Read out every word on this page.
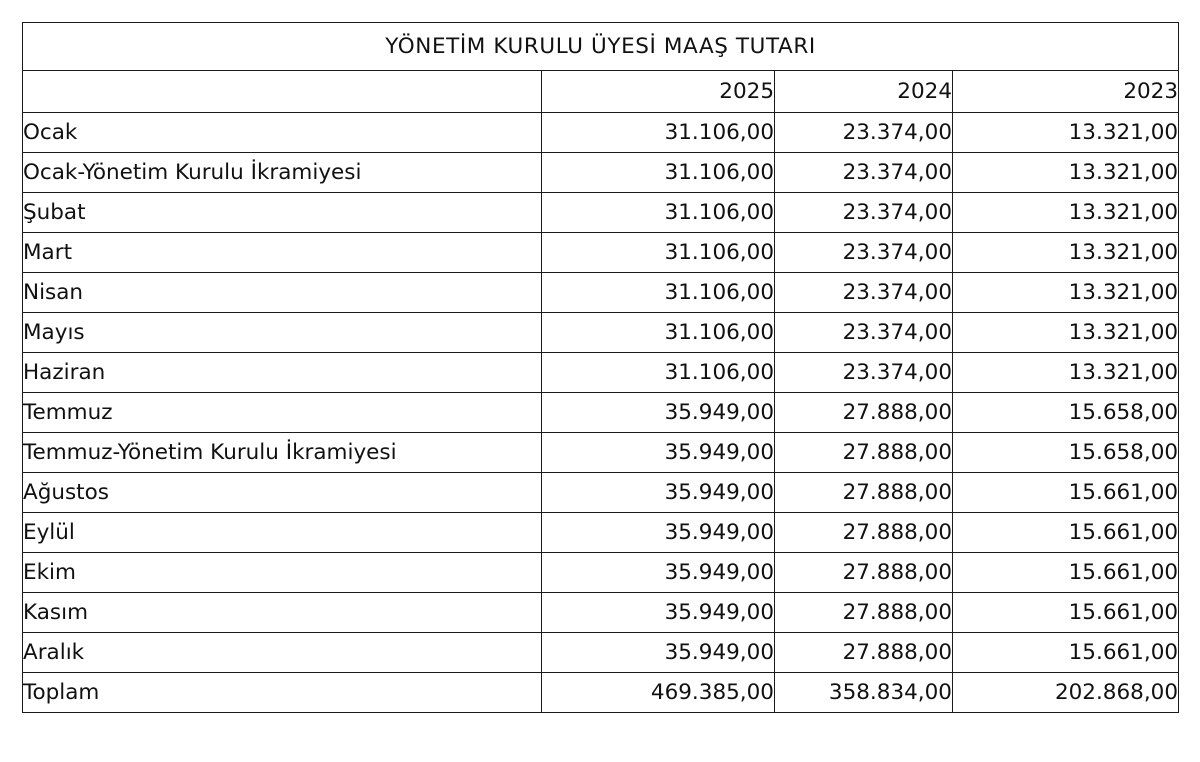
YÖNETİM KURULU ÜYESİ MAAŞ TUTARI			
	2025	2024	2023
Ocak	31.106,00	23.374,00	13.321,00
Ocak-Yönetim Kurulu İkramiyesi	31.106,00	23.374,00	13.321,00
Şubat	31.106,00	23.374,00	13.321,00
Mart	31.106,00	23.374,00	13.321,00
Nisan	31.106,00	23.374,00	13.321,00
Mayıs	31.106,00	23.374,00	13.321,00
Haziran	31.106,00	23.374,00	13.321,00
Temmuz	35.949,00	27.888,00	15.658,00
Temmuz-Yönetim Kurulu İkramiyesi	35.949,00	27.888,00	15.658,00
Ağustos	35.949,00	27.888,00	15.661,00
Eylül	35.949,00	27.888,00	15.661,00
Ekim	35.949,00	27.888,00	15.661,00
Kasım	35.949,00	27.888,00	15.661,00
Aralık	35.949,00	27.888,00	15.661,00
Toplam	469.385,00	358.834,00	202.868,00
